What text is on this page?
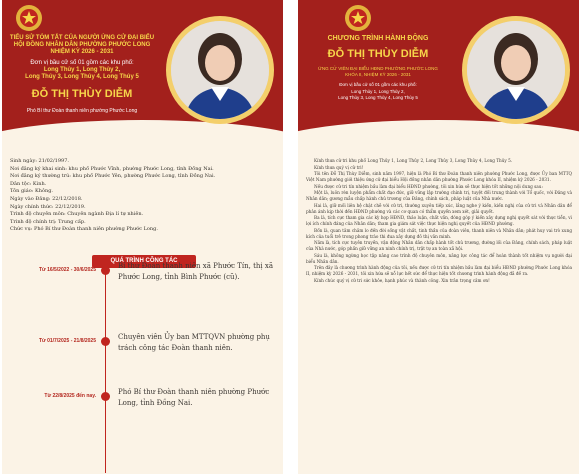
TIỂU SỬ TÓM TẮT CỦA NGƯỜI ỨNG CỬ ĐẠI BIỂU
HỘI ĐỒNG NHÂN DÂN PHƯỜNG PHƯỚC LONG
NHIỆM KỲ 2026 - 2031
Đơn vị bầu cử số 01 gồm các khu phố:
Long Thủy 1, Long Thủy 2,
Long Thủy 3, Long Thủy 4, Long Thủy 5
ĐỖ THỊ THÙY DIỄM
Phó Bí thư Đoàn thanh niên phường Phước Long
Sinh ngày: 21/02/1997.
Nơi đăng ký khai sinh: khu phố Phước Vĩnh, phường Phước Long, tỉnh Đồng Nai.
Nơi đăng ký thường trú: khu phố Phước Yên, phường Phước Long, tỉnh Đồng Nai.
Dân tộc: Kinh.
Tôn giáo: Không.
Ngày vào Đảng: 22/12/2018.
Ngày chính thức: 22/12/2019.
Trình độ chuyên môn: Chuyên ngành Địa lí tự nhiên.
Trình độ chính trị: Trung cấp.
Chức vụ: Phó Bí thư Đoàn thanh niên phường Phước Long.
QUÁ TRÌNH CÔNG TÁC
Từ 16/5/2022 - 30/6/2025	Bí thư Đoàn thanh niên xã Phước Tín, thị xã Phước Long, tỉnh Bình Phước (cũ).
Từ 01/7/2025 - 21/8/2025	Chuyên viên Ủy ban MTTQVN phường phụ trách công tác Đoàn thanh niên.
Từ 22/8/2025 đến nay.	Phó Bí thư Đoàn thanh niên phường Phước Long, tỉnh Đồng Nai.
CHƯƠNG TRÌNH HÀNH ĐỘNG
ĐỖ THỊ THÙY DIỄM
ỨNG CỬ VIÊN ĐẠI BIỂU HĐND PHƯỜNG PHƯỚC LONG
KHÓA II, NHIỆM KỲ 2026 - 2031
Đơn vị bầu cử số 01 gồm các khu phố:
Long Thủy 1, Long Thủy 2,
Long Thủy 3, Long Thủy 4, Long Thủy 5

Kính thưa cử tri khu phố Long Thủy 1, Long Thủy 2, Long Thủy 3, Long Thủy 4, Long Thủy 5.

Kính thưa quý vị cử tri!

Tôi tên Đỗ Thị Thùy Diễm, sinh năm 1997, hiện là Phó Bí thư Đoàn thanh niên phường Phước Long, được Ủy ban MTTQ Việt Nam phường giới thiệu ứng cử đại biểu Hội đồng nhân dân phường Phước Long khóa II, nhiệm kỳ 2026 - 2031.

Nếu được cử tri tín nhiệm bầu làm đại biểu HĐND phường, tôi xin hứa sẽ thực hiện tốt những nội dung sau:

Một là, luôn rèn luyện phẩm chất đạo đức, giữ vững lập trường chính trị, tuyệt đối trung thành với Tổ quốc, với Đảng và Nhân dân; gương mẫu chấp hành chủ trương của Đảng, chính sách, pháp luật của Nhà nước.

Hai là, giữ mối liên hệ chặt chẽ với cử tri, thường xuyên tiếp xúc, lắng nghe ý kiến, kiến nghị của cử tri và Nhân dân để phản ánh kịp thời đến HĐND phường và các cơ quan có thẩm quyền xem xét, giải quyết.

Ba là, tích cực tham gia các kỳ họp HĐND, thảo luận, chất vấn, đóng góp ý kiến xây dựng nghị quyết sát với thực tiễn, vì lợi ích chính đáng của Nhân dân; tham gia giám sát việc thực hiện nghị quyết của HĐND phường.

Bốn là, quan tâm chăm lo đến đời sống vật chất, tinh thần của đoàn viên, thanh niên và Nhân dân; phát huy vai trò xung kích của tuổi trẻ trong phong trào thi đua xây dựng đô thị văn minh.

Năm là, tích cực tuyên truyền, vận động Nhân dân chấp hành tốt chủ trương, đường lối của Đảng, chính sách, pháp luật của Nhà nước, góp phần giữ vững an ninh chính trị, trật tự an toàn xã hội.

Sáu là, không ngừng học tập nâng cao trình độ chuyên môn, năng lực công tác để hoàn thành tốt nhiệm vụ người đại biểu Nhân dân.

Trên đây là chương trình hành động của tôi, nếu được cử tri tín nhiệm bầu làm đại biểu HĐND phường Phước Long khóa II, nhiệm kỳ 2026 - 2031, tôi xin hứa sẽ nỗ lực hết sức để thực hiện tốt chương trình hành động đã đề ra.

Kính chúc quý vị cử tri sức khỏe, hạnh phúc và thành công. Xin trân trọng cảm ơn!
